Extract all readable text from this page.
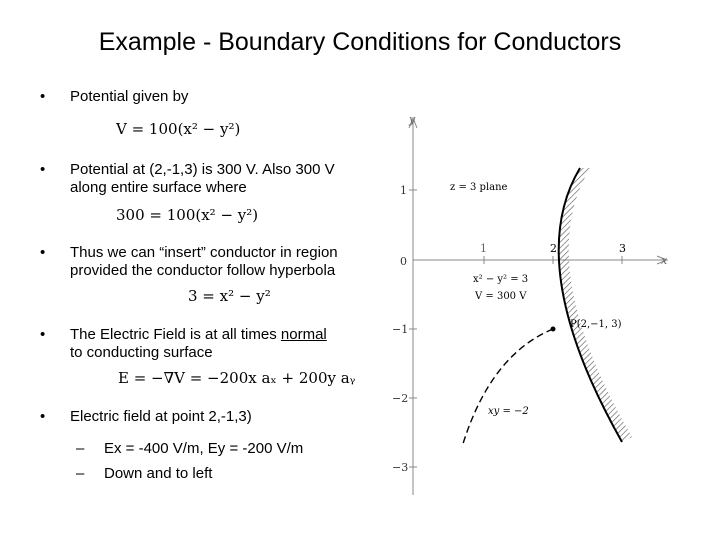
Example - Boundary Conditions for Conductors
• Potential given by
V = 100(x² − y²)
• Potential at (2,-1,3) is 300 V. Also 300 V
along entire surface where
300 = 100(x² − y²)
• Thus we can “insert” conductor in region
provided the conductor follow hyperbola
3 = x² − y²
• The Electric Field is at all times normal
to conducting surface
E = −∇V = −200x aₓ + 200y aᵧ
• Electric field at point 2,-1,3)
– Ex = -400 V/m, Ey = -200 V/m
– Down and to left
y
x
1
0
−1
−2
−3
1	2	3
z = 3 plane
P(2,−1, 3)
x² − y² = 3
V = 300 V
xy = −2
